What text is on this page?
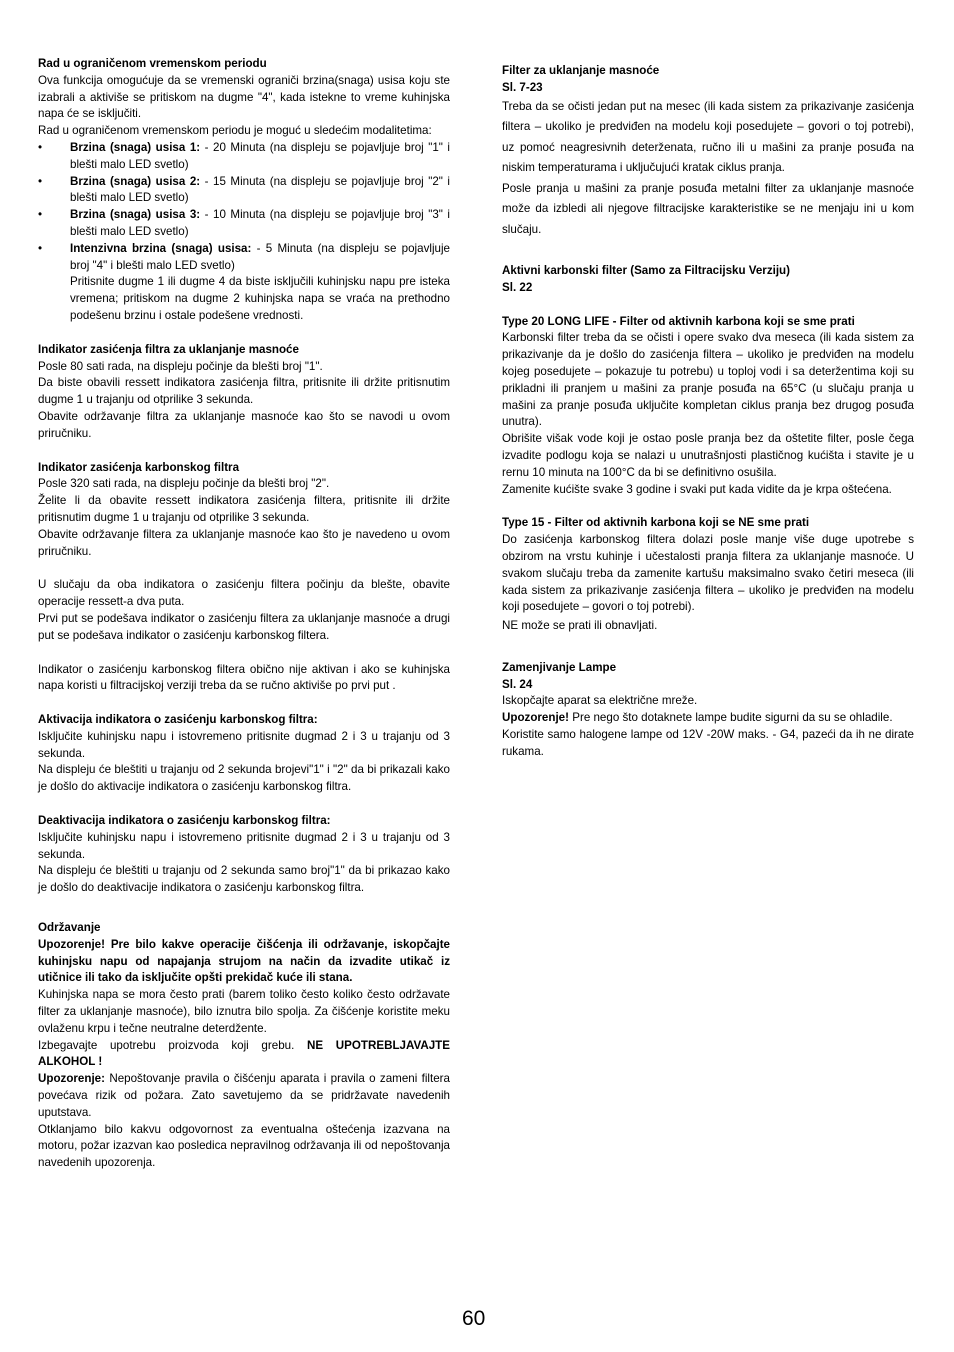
Rad u ograničenom vremenskom periodu

Ova funkcija omogućuje da se vremenski ograniči brzina(snaga) usisa koju ste izabrali a aktiviše se pritiskom na dugme "4", kada istekne to vreme kuhinjska napa će se isključiti.

Rad u ograničenom vremenskom periodu je moguć u sledećim modalitetima:

• Brzina (snaga) usisa 1: - 20 Minuta (na displeju se pojavljuje broj "1" i blešti malo LED svetlo)
• Brzina (snaga) usisa 2: - 15 Minuta (na displeju se pojavljuje broj "2" i blešti malo LED svetlo)
• Brzina (snaga) usisa 3: - 10 Minuta (na displeju se pojavljuje broj "3" i blešti malo LED svetlo)
• Intenzivna brzina (snaga) usisa: - 5 Minuta (na displeju se pojavljuje broj "4" i blešti malo LED svetlo)

Pritisnite dugme 1 ili dugme 4 da biste isključili kuhinjsku napu pre isteka vremena; pritiskom na dugme 2 kuhinjska napa se vraća na prethodno podešenu brzinu i ostale podešene vrednosti.

Indikator zasićenja filtra za uklanjanje masnoće

Posle 80 sati rada, na displeju počinje da blešti broj "1".

Da biste obavili ressett indikatora zasićenja filtra, pritisnite ili držite pritisnutim dugme 1 u trajanju od otprilike 3 sekunda.

Obavite održavanje filtra za uklanjanje masnoće kao što se navodi u ovom priručniku.

Indikator zasićenja karbonskog filtra

Posle 320 sati rada, na displeju počinje da blešti broj "2".

Želite li da obavite ressett indikatora zasićenja filtera, pritisnite ili držite pritisnutim dugme 1 u trajanju od otprilike 3 sekunda.

Obavite održavanje filtera za uklanjanje masnoće kao što je navedeno u ovom priručniku.

U slučaju da oba indikatora o zasićenju filtera počinju da blešte, obavite operacije ressett-a dva puta.

Prvi put se podešava indikator o zasićenju filtera za uklanjanje masnoće a drugi put se podešava indikator o zasićenju karbonskog filtera.

Indikator o zasićenju karbonskog filtera obično nije aktivan i ako se kuhinjska napa koristi u filtracijskoj verziji treba da se ručno aktiviše po prvi put .

Aktivacija indikatora o zasićenju karbonskog filtra:

Isključite kuhinjsku napu i istovremeno pritisnite dugmad 2 i 3 u trajanju od 3 sekunda.

Na displeju će bleštiti u trajanju od 2 sekunda brojevi"1" i "2" da bi prikazali kako je došlo do aktivacije indikatora o zasićenju karbonskog filtra.

Deaktivacija indikatora o zasićenju karbonskog filtra:

Isključite kuhinjsku napu i istovremeno pritisnite dugmad 2 i 3 u trajanju od 3 sekunda.

Na displeju će bleštiti u trajanju od 2 sekunda samo broj"1" da bi prikazao kako je došlo do deaktivacije indikatora o zasićenju karbonskog filtra.

Održavanje

Upozorenje! Pre bilo kakve operacije čišćenja ili održavanje, iskopčajte kuhinjsku napu od napajanja strujom na način da izvadite utikač iz utičnice ili tako da isključite opšti prekidač kuće ili stana.

Kuhinjska napa se mora često prati (barem toliko često koliko često održavate filter za uklanjanje masnoće), bilo iznutra bilo spolja. Za čišćenje koristite meku ovlaženu krpu i tečne neutralne deterdžente.

Izbegavajte upotrebu proizvoda koji grebu. NE UPOTREBLJAVAJTE ALKOHOL !

Upozorenje: Nepoštovanje pravila o čišćenju aparata i pravila o zameni filtera povećava rizik od požara. Zato savetujemo da se pridržavate navedenih uputstava.

Otklanjamo bilo kakvu odgovornost za eventualna oštećenja izazvana na motoru, požar izazvan kao posledica nepravilnog održavanja ili od nepoštovanja navedenih upozorenja.

Filter za uklanjanje masnoće

Sl. 7-23

Treba da se očisti jedan put na mesec (ili kada sistem za prikazivanje zasićenja filtera – ukoliko je predviđen na modelu koji posedujete – govori o toj potrebi), uz pomoć neagresivnih deterženata, ručno ili u mašini za pranje posuđa na niskim temperaturama i uključujući kratak ciklus pranja.

Posle pranja u mašini za pranje posuđa metalni filter za uklanjanje masnoće može da izbledi ali njegove filtracijske karakteristike se ne menjaju ini u kom slučaju.

Aktivni karbonski filter (Samo za Filtracijsku Verziju)

Sl. 22

Type 20 LONG LIFE - Filter od aktivnih karbona koji se sme prati

Karbonski filter treba da se očisti i opere svako dva meseca (ili kada sistem za prikazivanje da je došlo do zasićenja filtera – ukoliko je predviđen na modelu kojeg posedujete – pokazuje tu potrebu) u toploj vodi i sa deteržentima koji su prikladni ili pranjem u mašini za pranje posuđa na 65°C (u slučaju pranja u mašini za pranje posuđa uključite kompletan ciklus pranja bez drugog posuđa unutra).

Obrišite višak vode koji je ostao posle pranja bez da oštetite filter, posle čega izvadite podlogu koja se nalazi u unutrašnjosti plastičnog kućišta i stavite je u rernu 10 minuta na 100°C da bi se definitivno osušila.

Zamenite kućište svake 3 godine i svaki put kada vidite da je krpa oštećena.

Type 15 - Filter od aktivnih karbona koji se NE sme prati

Do zasićenja karbonskog filtera dolazi posle manje više duge upotrebe s obzirom na vrstu kuhinje i učestalosti pranja filtera za uklanjanje masnoće. U svakom slučaju treba da zamenite kartušu maksimalno svako četiri meseca (ili kada sistem za prikazivanje zasićenja filtera – ukoliko je predviđen na modelu koji posedujete – govori o toj potrebi).

NE može se prati ili obnavljati.

Zamenjivanje Lampe

Sl. 24

Iskopčajte aparat sa električne mreže.

Upozorenje! Pre nego što dotaknete lampe budite sigurni da su se ohladile.

Koristite samo halogene lampe od 12V -20W maks. - G4, pazeći da ih ne dirate rukama.

60
